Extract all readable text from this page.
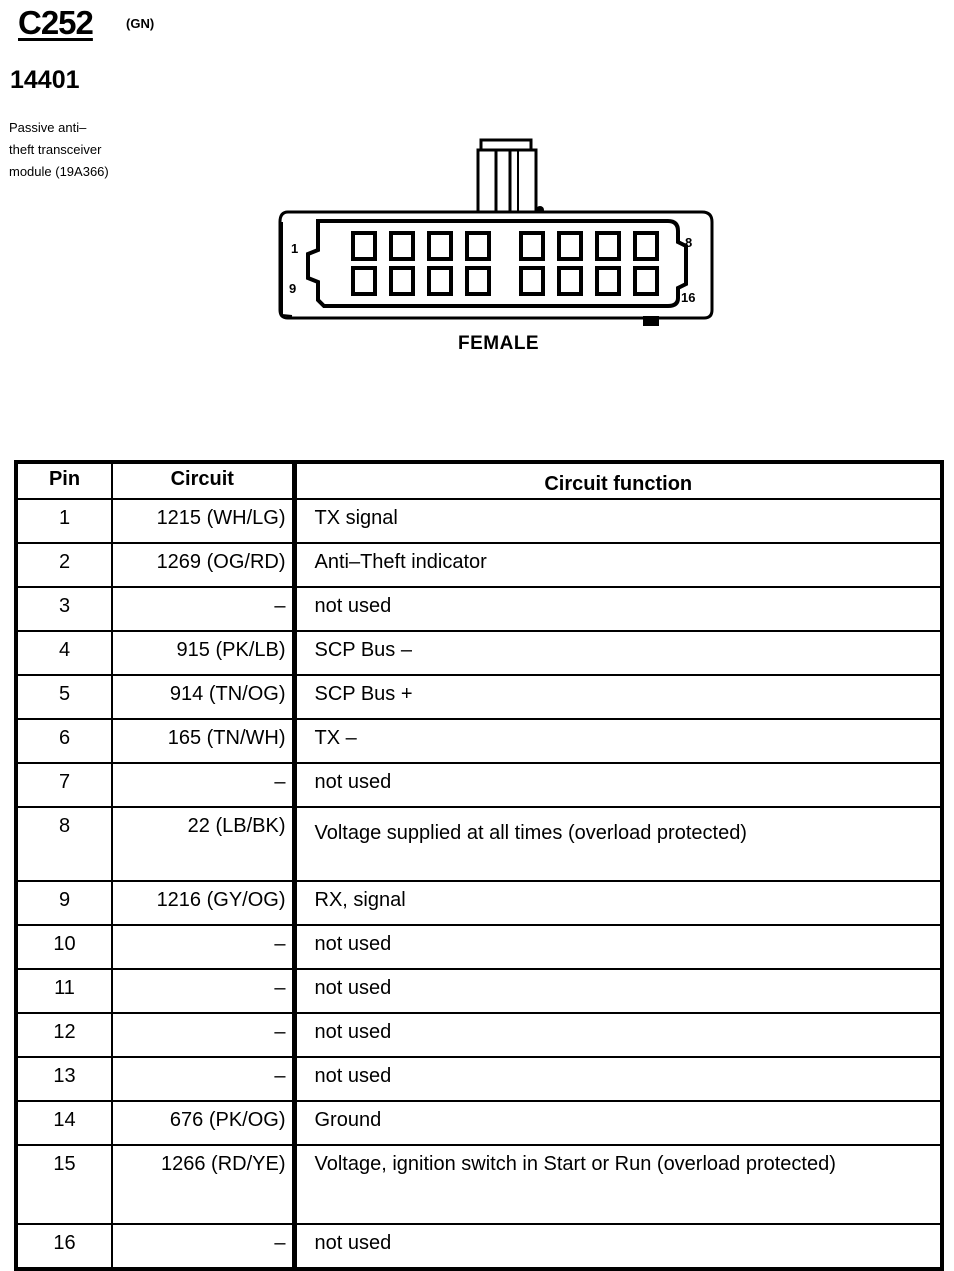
C252	(GN)
14401
Passive anti–
theft transceiver
module (19A366)
1
9
8
16
FEMALE
Pin	Circuit	Circuit function
1	1215 (WH/LG)	TX signal
2	1269 (OG/RD)	Anti–Theft indicator
3	–	not used
4	915 (PK/LB)	SCP Bus –
5	914 (TN/OG)	SCP Bus +
6	165 (TN/WH)	TX –
7	–	not used
8	22 (LB/BK)	Voltage supplied at all times (overload protected)
9	1216 (GY/OG)	RX, signal
10	–	not used
11	–	not used
12	–	not used
13	–	not used
14	676 (PK/OG)	Ground
15	1266 (RD/YE)	Voltage, ignition switch in Start or Run (overload protected)
16	–	not used
